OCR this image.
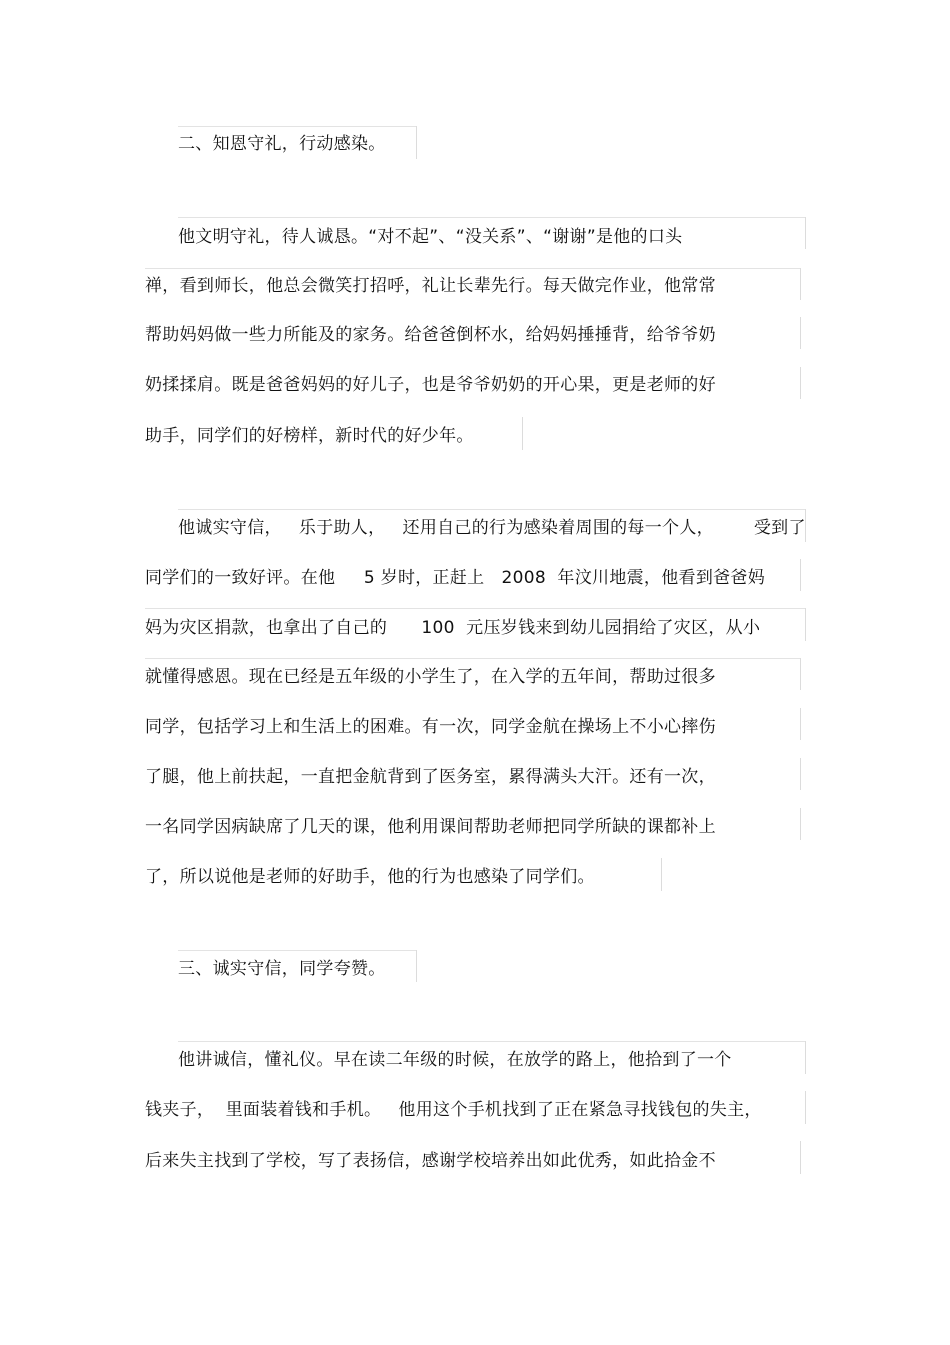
二、知恩守礼，行动感染。
他文明守礼，待人诚恳。“对不起”、“没关系”、“谢谢”是他的口头
禅，看到师长，他总会微笑打招呼，礼让长辈先行。每天做完作业，他常常
帮助妈妈做一些力所能及的家务。给爸爸倒杯水，给妈妈捶捶背，给爷爷奶
奶揉揉肩。既是爸爸妈妈的好儿子，也是爷爷奶奶的开心果，更是老师的好
助手，同学们的好榜样，新时代的好少年。
他诚实守信，   乐于助人，   还用自己的行为感染着周围的每一个人，       受到了
同学们的一致好评。在他     5 岁时，正赶上   2008  年汶川地震，他看到爸爸妈
妈为灾区捐款，也拿出了自己的      100  元压岁钱来到幼儿园捐给了灾区，从小
就懂得感恩。现在已经是五年级的小学生了，在入学的五年间，帮助过很多
同学，包括学习上和生活上的困难。有一次，同学金航在操场上不小心摔伤
了腿，他上前扶起，一直把金航背到了医务室，累得满头大汗。还有一次，
一名同学因病缺席了几天的课，他利用课间帮助老师把同学所缺的课都补上
了，所以说他是老师的好助手，他的行为也感染了同学们。
三、诚实守信，同学夸赞。
他讲诚信，懂礼仪。早在读二年级的时候，在放学的路上，他拾到了一个
钱夹子，  里面装着钱和手机。   他用这个手机找到了正在紧急寻找钱包的失主，
后来失主找到了学校，写了表扬信，感谢学校培养出如此优秀，如此拾金不
